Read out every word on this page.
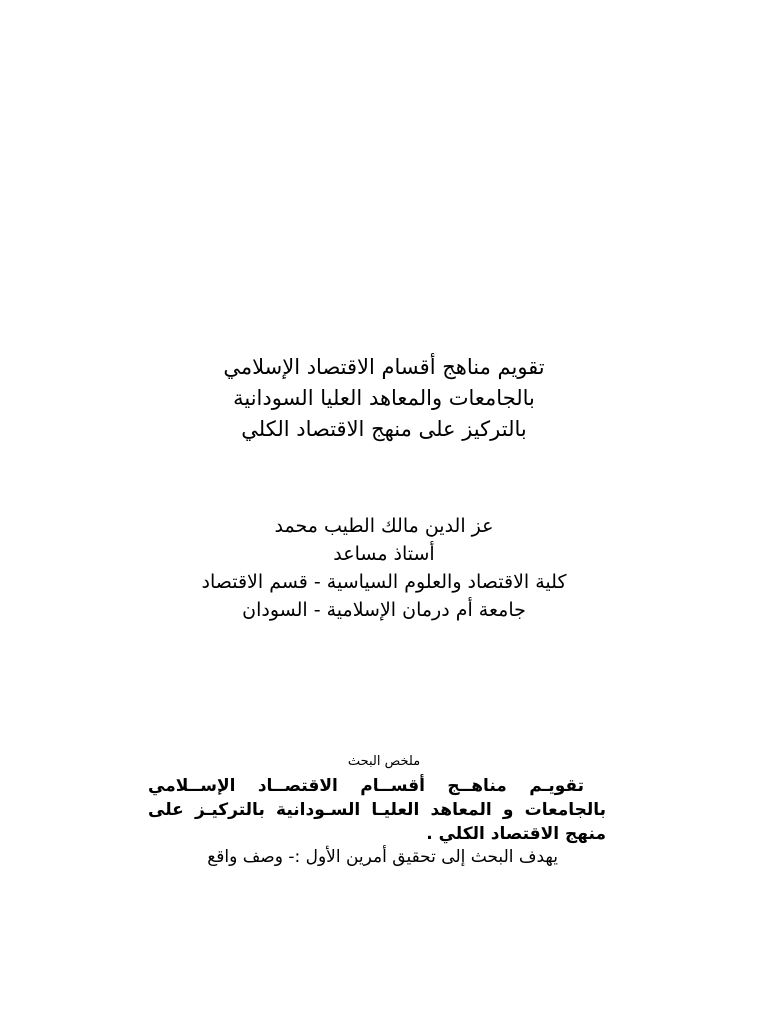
تقويم مناهج أقسام الاقتصاد الإسلامي
بالجامعات والمعاهد العليا السودانية
بالتركيز على منهج الاقتصاد الكلي
عز الدين مالك الطيب محمد
أستاذ مساعد
كلية الاقتصاد والعلوم السياسية - قسم الاقتصاد
جامعة أم درمان الإسلامية - السودان
ملخص البحث
تقويـم مناهــج أقســام الاقتصــاد الإســلامي
بالجامعات و المعاهد العليـا السـودانية بالتركيـز على
منهج الاقتصاد الكلي .
يهدف البحث إلى تحقيق أمرين الأول :- وصف واقع
